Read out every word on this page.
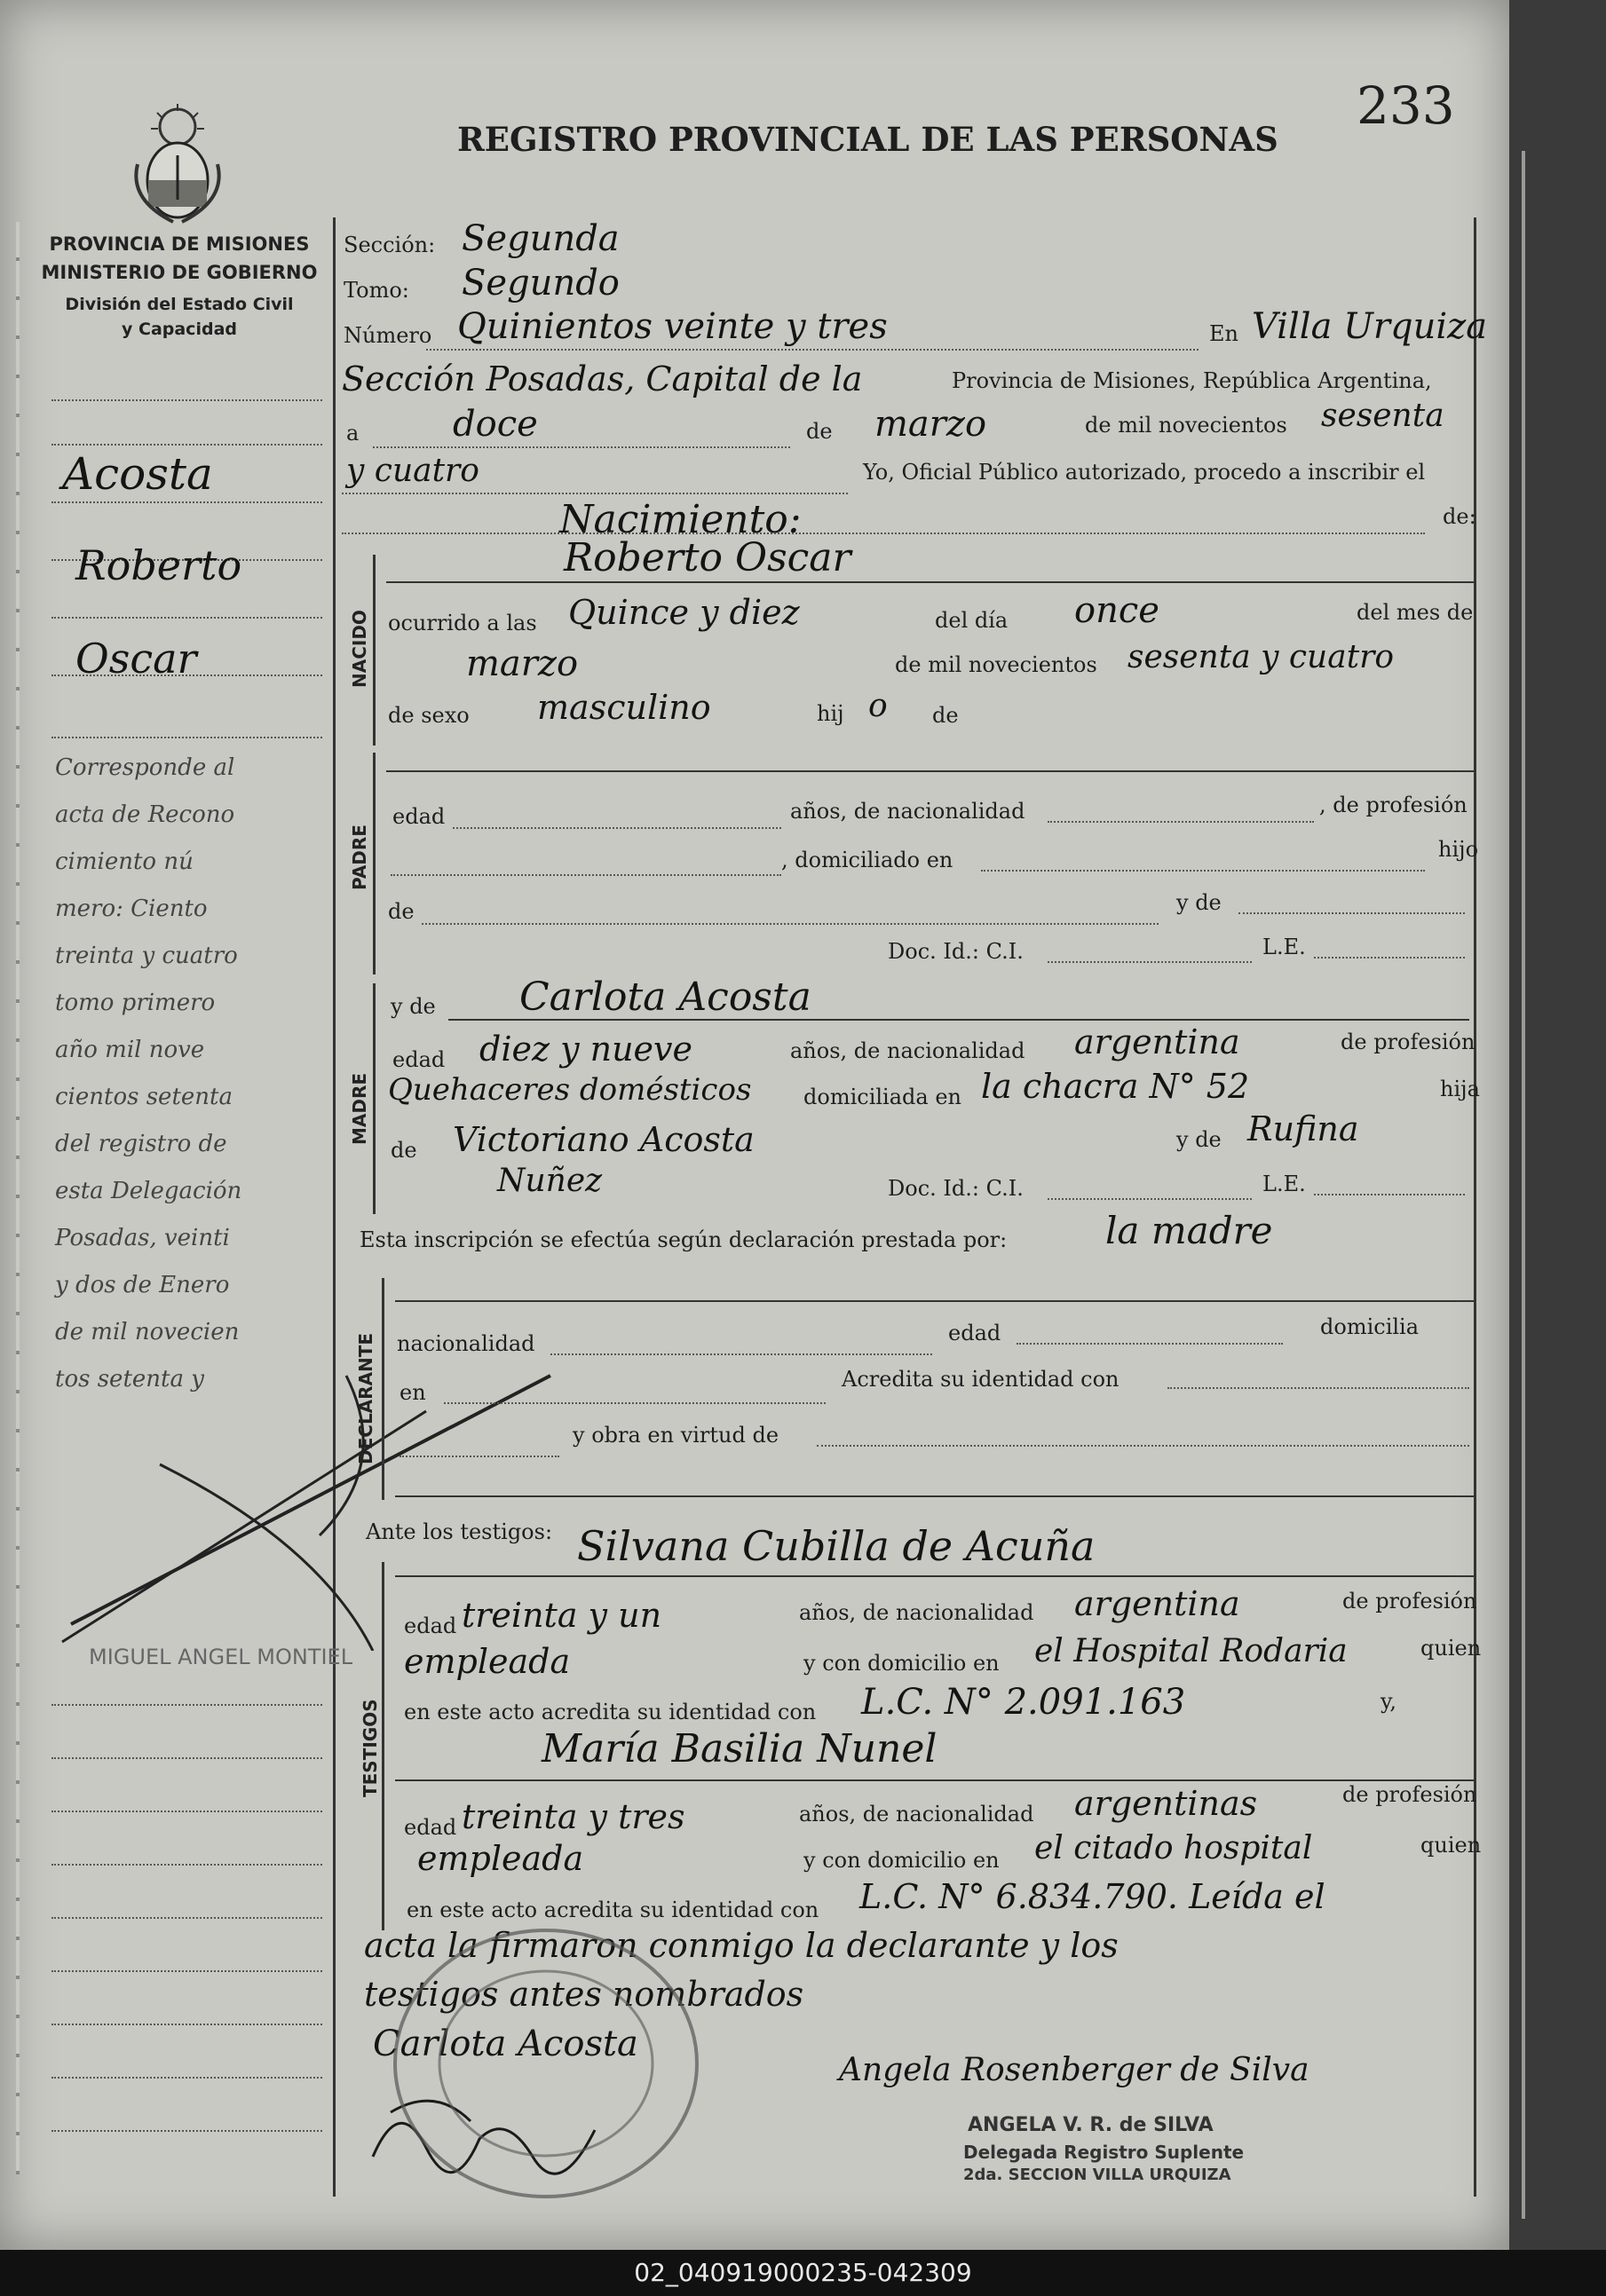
REGISTRO PROVINCIAL DE LAS PERSONAS
233
PROVINCIA DE MISIONES
MINISTERIO DE GOBIERNO
División del Estado Civil
y Capacidad
Acosta
Roberto
Oscar
Corresponde al
acta de Recono
cimiento nú
mero: Ciento
treinta y cuatro
tomo primero
año mil nove
cientos setenta
del registro de
esta Delegación
Posadas, veinti
y dos de Enero
de mil novecien
tos setenta y
MIGUEL ANGEL MONTIEL
Sección: Segunda
Tomo: Segundo
Número Quinientos veinte y tres	En Villa Urquiza
Sección Posadas, Capital de la	Provincia de Misiones, República Argentina,
a	doce	de marzo	de mil novecientos sesenta
y cuatro	Yo, Oficial Público autorizado, procedo a inscribir el
Nacimiento:	de:
NACIDO
Roberto Oscar
ocurrido a las Quince y diez	del día once	del mes de
marzo	de mil novecientos sesenta y cuatro
de sexo masculino	hij o de
PADRE
edad	años, de nacionalidad	, de profesión
, domiciliado en	hijo
de	y de
Doc. Id.: C.I.	L.E.
MADRE
y de Carlota Acosta
edad diez y nueve	años, de nacionalidad argentina	de profesión
Quehaceres domésticos domiciliada en la chacra N° 52	hija
de Victoriano Acosta	y de Rufina
Nuñez	Doc. Id.: C.I.	L.E.
Esta inscripción se efectúa según declaración prestada por:	la madre
DECLARANTE nacionalidad	edad	domicilia
en
Acredita su identidad con
y obra en virtud de
Ante los testigos:
TESTIGOS
Silvana Cubilla de Acuña
edad treinta y un	años, de nacionalidad argentina	de profesión
empleada	y con domicilio en el Hospital Rodaria	quien
en este acto acredita su identidad con L.C. N° 2.091.163	y,
María Basilia Nunel
edad treinta y tres	años, de nacionalidad argentinas	de profesión
empleada	y con domicilio en el citado hospital	quien
en este acto acredita su identidad con L.C. N° 6.834.790. Leída el
acta la firmaron conmigo la declarante y los
testigos antes nombrados
Carlota Acosta
Angela Rosenberger de Silva
ANGELA V. R. de SILVA
Delegada Registro Suplente
2da. SECCION VILLA URQUIZA
02_040919000235-042309
